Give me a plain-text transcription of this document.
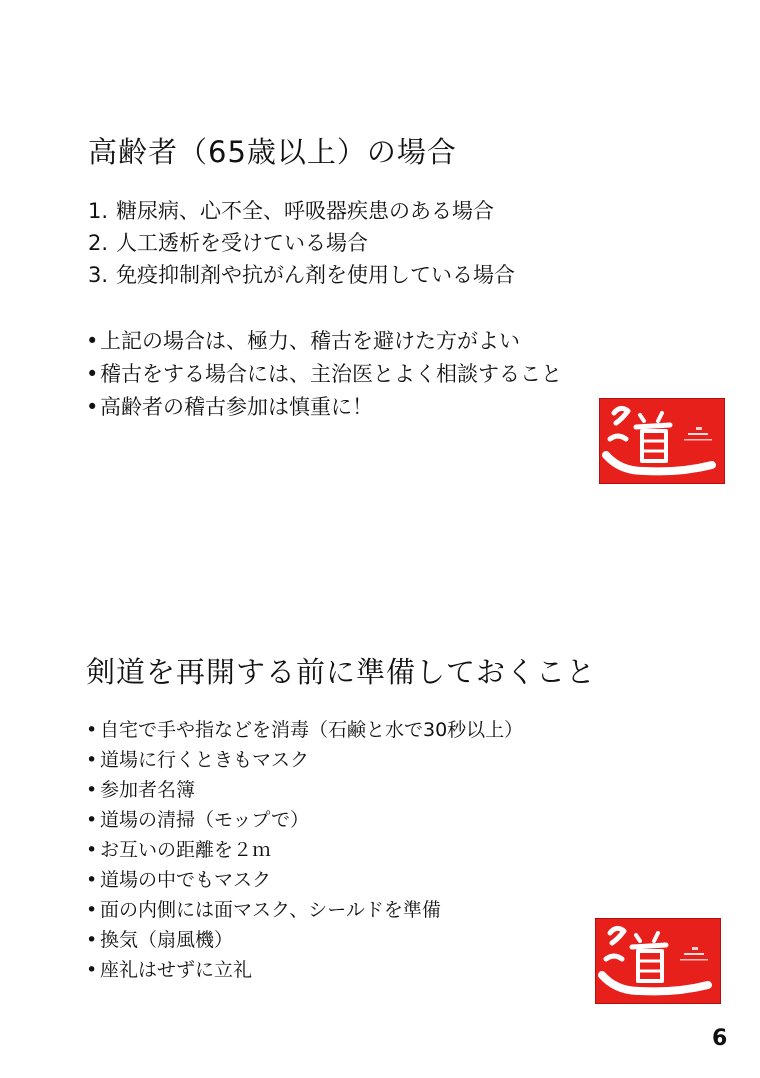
高齢者（65歳以上）の場合
1. 糖尿病、心不全、呼吸器疾患のある場合
2. 人工透析を受けている場合
3. 免疫抑制剤や抗がん剤を使用している場合
•上記の場合は、極力、稽古を避けた方がよい
•稽古をする場合には、主治医とよく相談すること
•高齢者の稽古参加は慎重に！
剣道を再開する前に準備しておくこと
• 自宅で手や指などを消毒（石鹸と水で30秒以上）
• 道場に行くときもマスク
• 参加者名簿
• 道場の清掃（モップで）
• お互いの距離を２ｍ
• 道場の中でもマスク
• 面の内側には面マスク、シールドを準備
• 換気（扇風機）
• 座礼はせずに立礼
6
